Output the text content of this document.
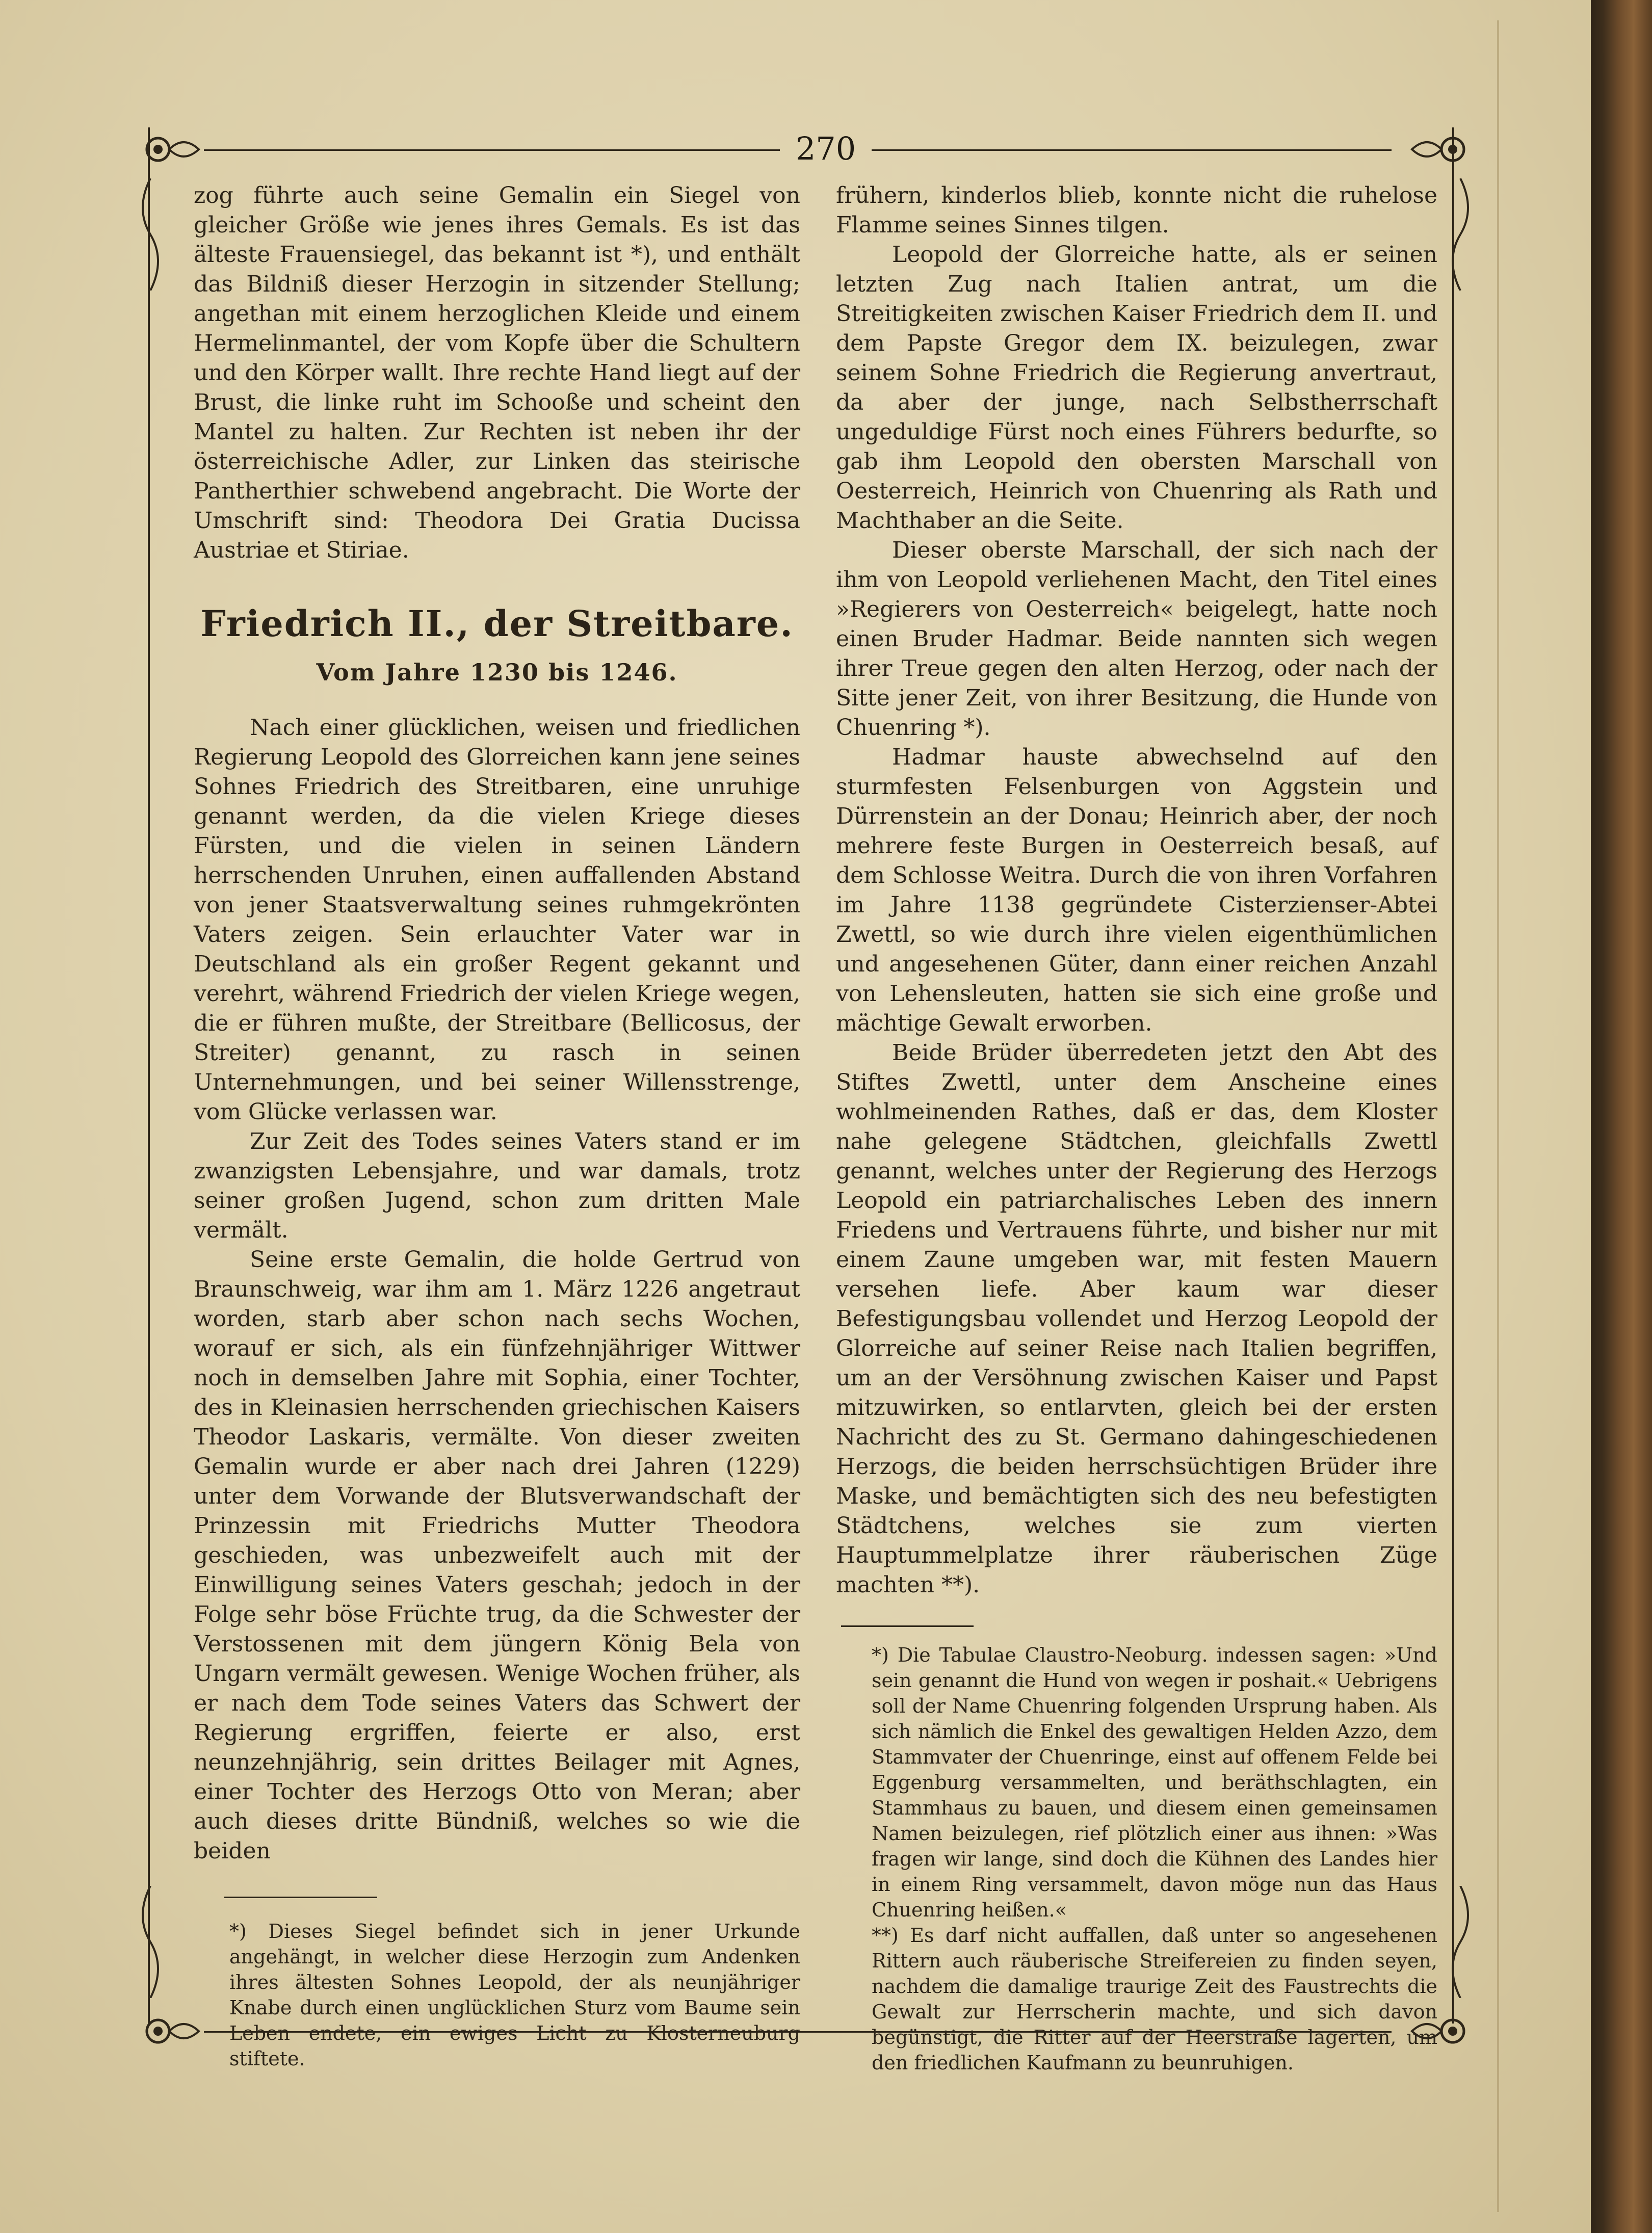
270

zog führte auch seine Gemalin ein Siegel von gleicher Größe wie jenes ihres Gemals. Es ist das älteste Frauensiegel, das bekannt ist *), und enthält das Bildniß dieser Herzogin in sitzender Stellung; angethan mit einem herzoglichen Kleide und einem Hermelinmantel, der vom Kopfe über die Schultern und den Körper wallt. Ihre rechte Hand liegt auf der Brust, die linke ruht im Schooße und scheint den Mantel zu halten. Zur Rechten ist neben ihr der österreichische Adler, zur Linken das steirische Pantherthier schwebend angebracht. Die Worte der Umschrift sind: Theodora Dei Gratia Ducissa Austriae et Stiriae.

Friedrich II., der Streitbare.
Vom Jahre 1230 bis 1246.

Nach einer glücklichen, weisen und friedlichen Regierung Leopold des Glorreichen kann jene seines Sohnes Friedrich des Streitbaren, eine unruhige genannt werden, da die vielen Kriege dieses Fürsten, und die vielen in seinen Ländern herrschenden Unruhen, einen auffallenden Abstand von jener Staatsverwaltung seines ruhmgekrönten Vaters zeigen. Sein erlauchter Vater war in Deutschland als ein großer Regent gekannt und verehrt, während Friedrich der vielen Kriege wegen, die er führen mußte, der Streitbare (Bellicosus, der Streiter) genannt, zu rasch in seinen Unternehmungen, und bei seiner Willensstrenge, vom Glücke verlassen war.

Zur Zeit des Todes seines Vaters stand er im zwanzigsten Lebensjahre, und war damals, trotz seiner großen Jugend, schon zum dritten Male vermält.

Seine erste Gemalin, die holde Gertrud von Braunschweig, war ihm am 1. März 1226 angetraut worden, starb aber schon nach sechs Wochen, worauf er sich, als ein fünfzehnjähriger Wittwer noch in demselben Jahre mit Sophia, einer Tochter, des in Kleinasien herrschenden griechischen Kaisers Theodor Laskaris, vermälte. Von dieser zweiten Gemalin wurde er aber nach drei Jahren (1229) unter dem Vorwande der Blutsverwandschaft der Prinzessin mit Friedrichs Mutter Theodora geschieden, was unbezweifelt auch mit der Einwilligung seines Vaters geschah; jedoch in der Folge sehr böse Früchte trug, da die Schwester der Verstossenen mit dem jüngern König Bela von Ungarn vermält gewesen. Wenige Wochen früher, als er nach dem Tode seines Vaters das Schwert der Regierung ergriffen, feierte er also, erst neunzehnjährig, sein drittes Beilager mit Agnes, einer Tochter des Herzogs Otto von Meran; aber auch dieses dritte Bündniß, welches so wie die beiden

*) Dieses Siegel befindet sich in jener Urkunde angehängt, in welcher diese Herzogin zum Andenken ihres ältesten Sohnes Leopold, der als neunjähriger Knabe durch einen unglücklichen Sturz vom Baume sein Leben endete, ein ewiges Licht zu Klosterneuburg stiftete.

frühern, kinderlos blieb, konnte nicht die ruhelose Flamme seines Sinnes tilgen.

Leopold der Glorreiche hatte, als er seinen letzten Zug nach Italien antrat, um die Streitigkeiten zwischen Kaiser Friedrich dem II. und dem Papste Gregor dem IX. beizulegen, zwar seinem Sohne Friedrich die Regierung anvertraut, da aber der junge, nach Selbstherrschaft ungeduldige Fürst noch eines Führers bedurfte, so gab ihm Leopold den obersten Marschall von Oesterreich, Heinrich von Chuenring als Rath und Machthaber an die Seite.

Dieser oberste Marschall, der sich nach der ihm von Leopold verliehenen Macht, den Titel eines »Regierers von Oesterreich« beigelegt, hatte noch einen Bruder Hadmar. Beide nannten sich wegen ihrer Treue gegen den alten Herzog, oder nach der Sitte jener Zeit, von ihrer Besitzung, die Hunde von Chuenring *).

Hadmar hauste abwechselnd auf den sturmfesten Felsenburgen von Aggstein und Dürrenstein an der Donau; Heinrich aber, der noch mehrere feste Burgen in Oesterreich besaß, auf dem Schlosse Weitra. Durch die von ihren Vorfahren im Jahre 1138 gegründete Cisterzienser-Abtei Zwettl, so wie durch ihre vielen eigenthümlichen und angesehenen Güter, dann einer reichen Anzahl von Lehensleuten, hatten sie sich eine große und mächtige Gewalt erworben.

Beide Brüder überredeten jetzt den Abt des Stiftes Zwettl, unter dem Anscheine eines wohlmeinenden Rathes, daß er das, dem Kloster nahe gelegene Städtchen, gleichfalls Zwettl genannt, welches unter der Regierung des Herzogs Leopold ein patriarchalisches Leben des innern Friedens und Vertrauens führte, und bisher nur mit einem Zaune umgeben war, mit festen Mauern versehen liefe. Aber kaum war dieser Befestigungsbau vollendet und Herzog Leopold der Glorreiche auf seiner Reise nach Italien begriffen, um an der Versöhnung zwischen Kaiser und Papst mitzuwirken, so entlarvten, gleich bei der ersten Nachricht des zu St. Germano dahingeschiedenen Herzogs, die beiden herrschsüchtigen Brüder ihre Maske, und bemächtigten sich des neu befestigten Städtchens, welches sie zum vierten Hauptummelplatze ihrer räuberischen Züge machten **).

*) Die Tabulae Claustro-Neoburg. indessen sagen: »Und sein genannt die Hund von wegen ir poshait.« Uebrigens soll der Name Chuenring folgenden Ursprung haben. Als sich nämlich die Enkel des gewaltigen Helden Azzo, dem Stammvater der Chuenringe, einst auf offenem Felde bei Eggenburg versammelten, und beräthschlagten, ein Stammhaus zu bauen, und diesem einen gemeinsamen Namen beizulegen, rief plötzlich einer aus ihnen: »Was fragen wir lange, sind doch die Kühnen des Landes hier in einem Ring versammelt, davon möge nun das Haus Chuenring heißen.«

**) Es darf nicht auffallen, daß unter so angesehenen Rittern auch räuberische Streifereien zu finden seyen, nachdem die damalige traurige Zeit des Faustrechts die Gewalt zur Herrscherin machte, und sich davon begünstigt, die Ritter auf der Heerstraße lagerten, um den friedlichen Kaufmann zu beunruhigen.
